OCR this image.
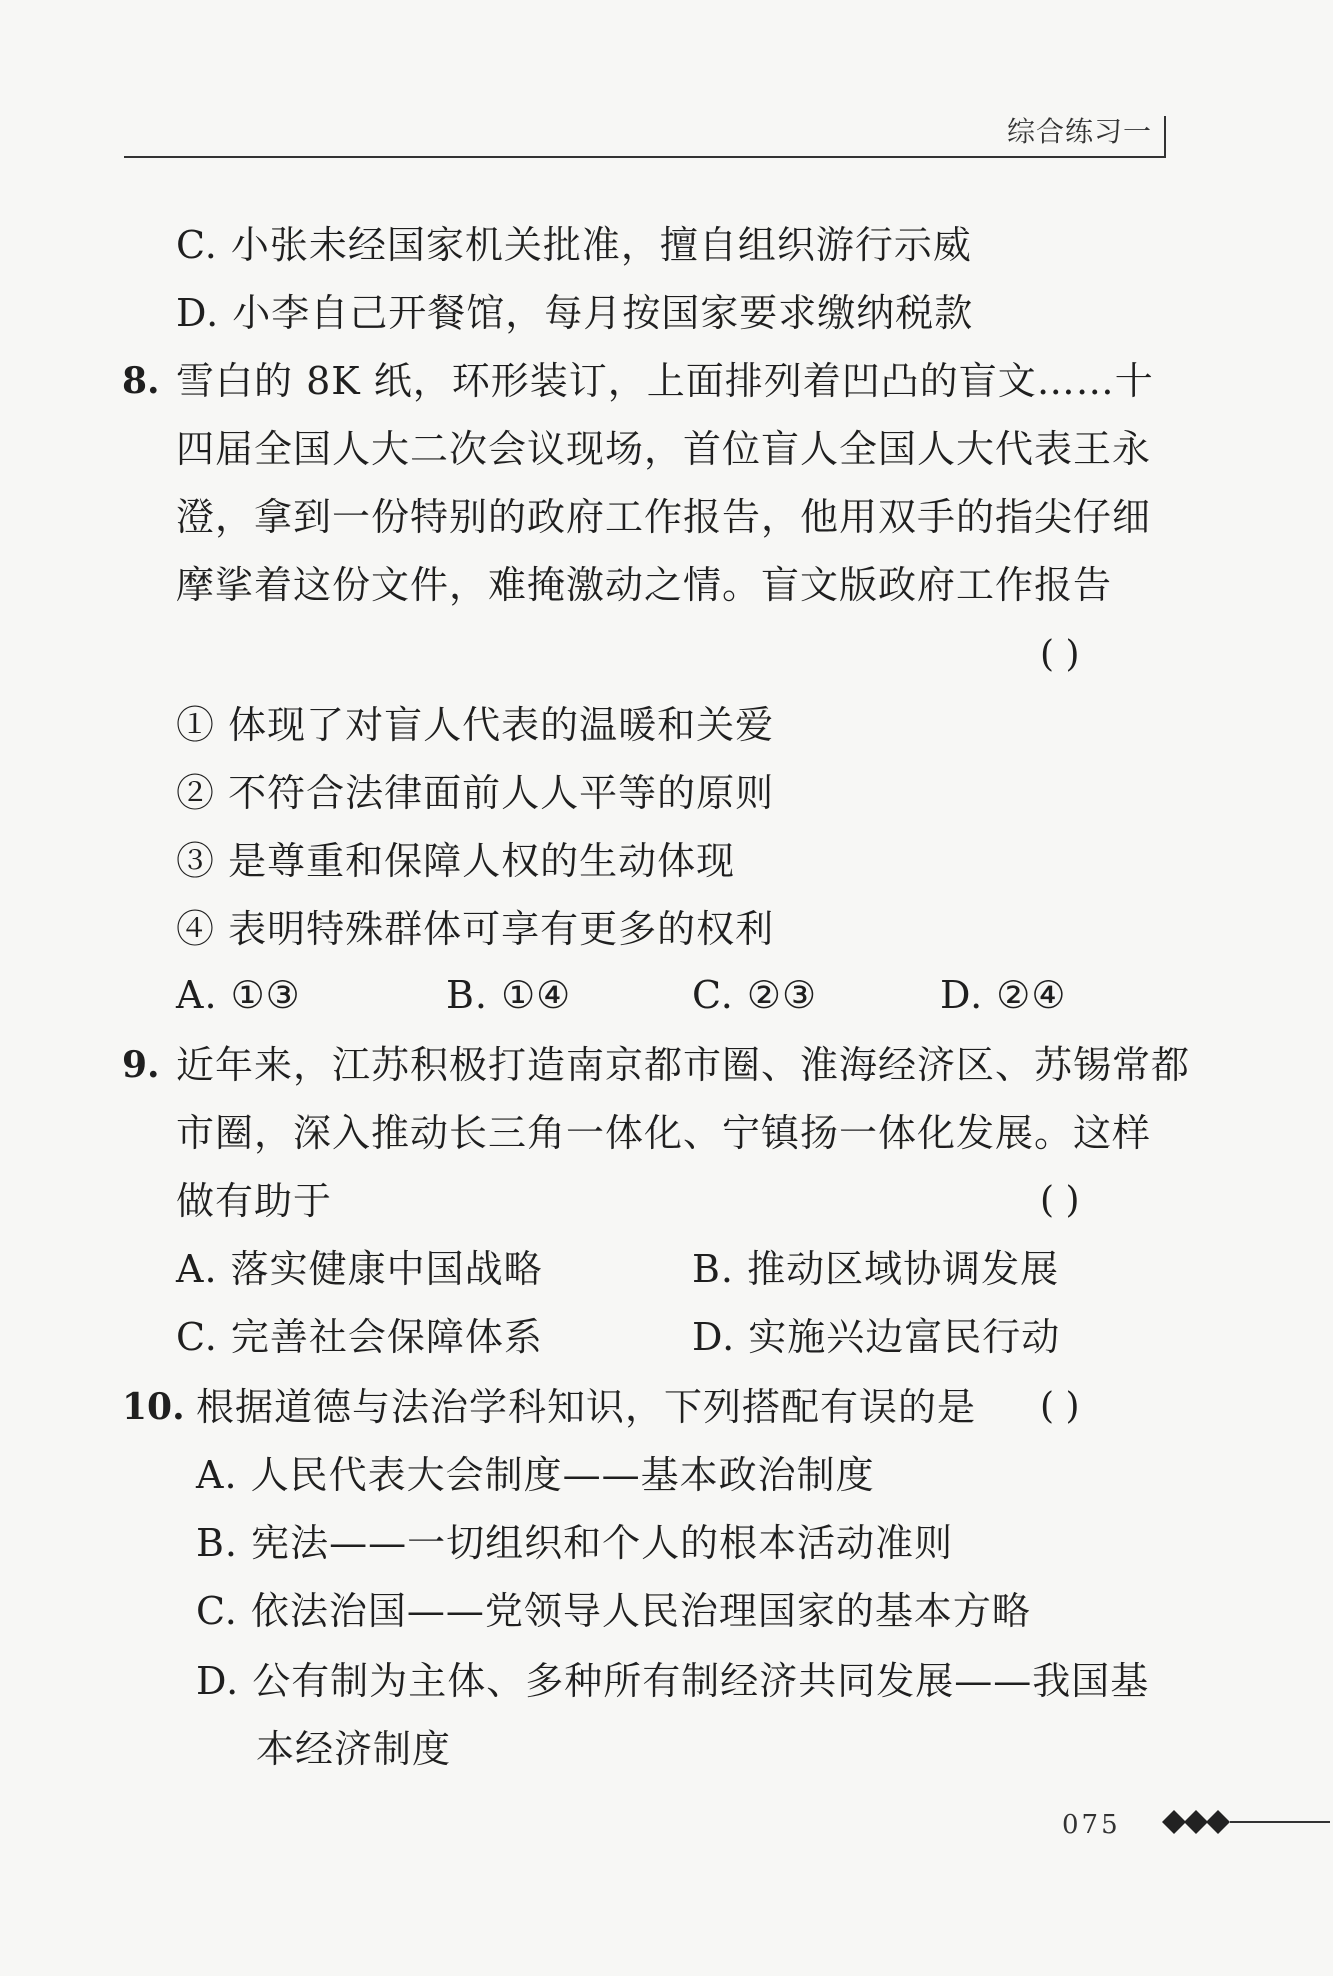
综合练习一
C. 小张未经国家机关批准，擅自组织游行示威
D. 小李自己开餐馆，每月按国家要求缴纳税款
8. 雪白的 8K 纸，环形装订，上面排列着凹凸的盲文……十
四届全国人大二次会议现场，首位盲人全国人大代表王永
澄，拿到一份特别的政府工作报告，他用双手的指尖仔细
摩挲着这份文件，难掩激动之情。盲文版政府工作报告
( )
① 体现了对盲人代表的温暖和关爱
② 不符合法律面前人人平等的原则
③ 是尊重和保障人权的生动体现
④ 表明特殊群体可享有更多的权利
A. ①③	B. ①④	C. ②③	D. ②④
9. 近年来，江苏积极打造南京都市圈、淮海经济区、苏锡常都
市圈，深入推动长三角一体化、宁镇扬一体化发展。这样
做有助于	( )
A. 落实健康中国战略	B. 推动区域协调发展
C. 完善社会保障体系	D. 实施兴边富民行动
10. 根据道德与法治学科知识，下列搭配有误的是 ( )
A. 人民代表大会制度——基本政治制度
B. 宪法——一切组织和个人的根本活动准则
C. 依法治国——党领导人民治理国家的基本方略
D. 公有制为主体、多种所有制经济共同发展——我国基
本经济制度
075
